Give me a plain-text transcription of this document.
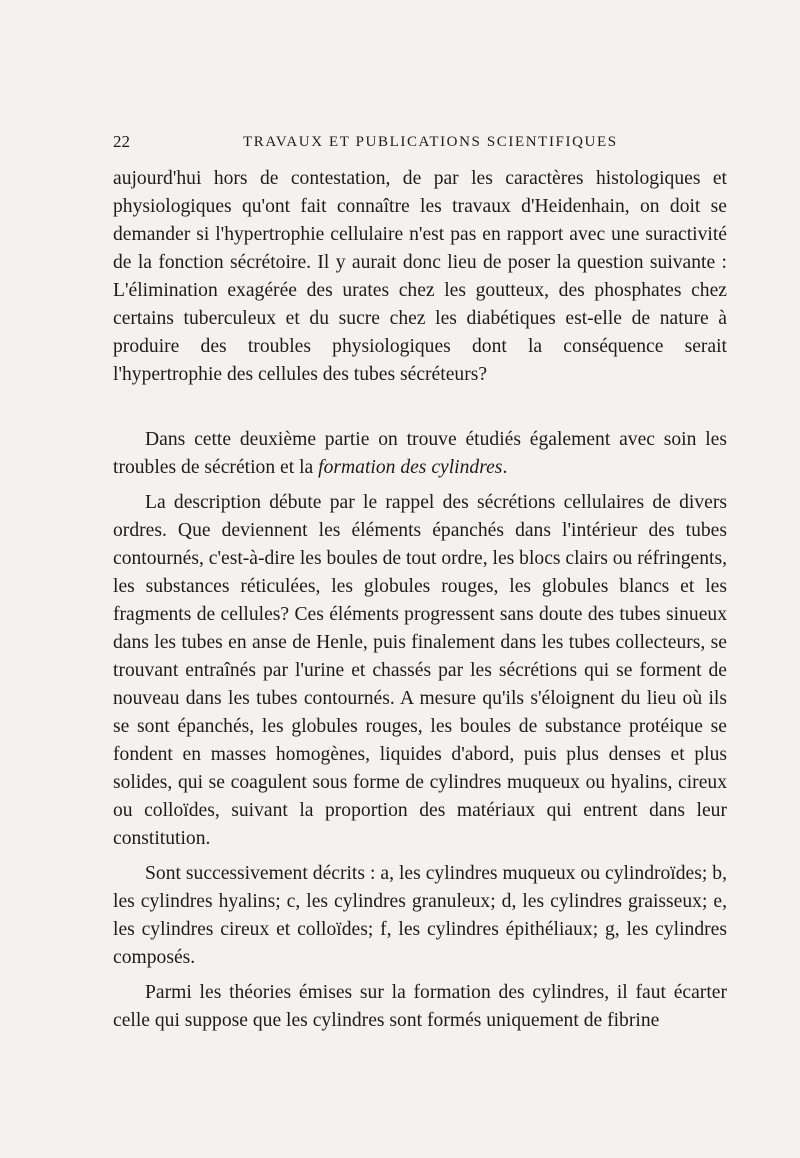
22	TRAVAUX ET PUBLICATIONS SCIENTIFIQUES

aujourd'hui hors de contestation, de par les caractères histologiques et physiologiques qu'ont fait connaître les travaux d'Heidenhain, on doit se demander si l'hypertrophie cellulaire n'est pas en rapport avec une suractivité de la fonction sécrétoire. Il y aurait donc lieu de poser la question suivante : L'élimination exagérée des urates chez les goutteux, des phosphates chez certains tuberculeux et du sucre chez les diabétiques est-elle de nature à produire des troubles physiologiques dont la conséquence serait l'hypertrophie des cellules des tubes sécréteurs?

Dans cette deuxième partie on trouve étudiés également avec soin les troubles de sécrétion et la formation des cylindres.

La description débute par le rappel des sécrétions cellulaires de divers ordres. Que deviennent les éléments épanchés dans l'intérieur des tubes contournés, c'est-à-dire les boules de tout ordre, les blocs clairs ou réfringents, les substances réticulées, les globules rouges, les globules blancs et les fragments de cellules? Ces éléments progressent sans doute des tubes sinueux dans les tubes en anse de Henle, puis finalement dans les tubes collecteurs, se trouvant entraînés par l'urine et chassés par les sécrétions qui se forment de nouveau dans les tubes contournés. A mesure qu'ils s'éloignent du lieu où ils se sont épanchés, les globules rouges, les boules de substance protéique se fondent en masses homogènes, liquides d'abord, puis plus denses et plus solides, qui se coagulent sous forme de cylindres muqueux ou hyalins, cireux ou colloïdes, suivant la proportion des matériaux qui entrent dans leur constitution.

Sont successivement décrits : a, les cylindres muqueux ou cylindroïdes; b, les cylindres hyalins; c, les cylindres granuleux; d, les cylindres graisseux; e, les cylindres cireux et colloïdes; f, les cylindres épithéliaux; g, les cylindres composés.

Parmi les théories émises sur la formation des cylindres, il faut écarter celle qui suppose que les cylindres sont formés uniquement de fibrine
